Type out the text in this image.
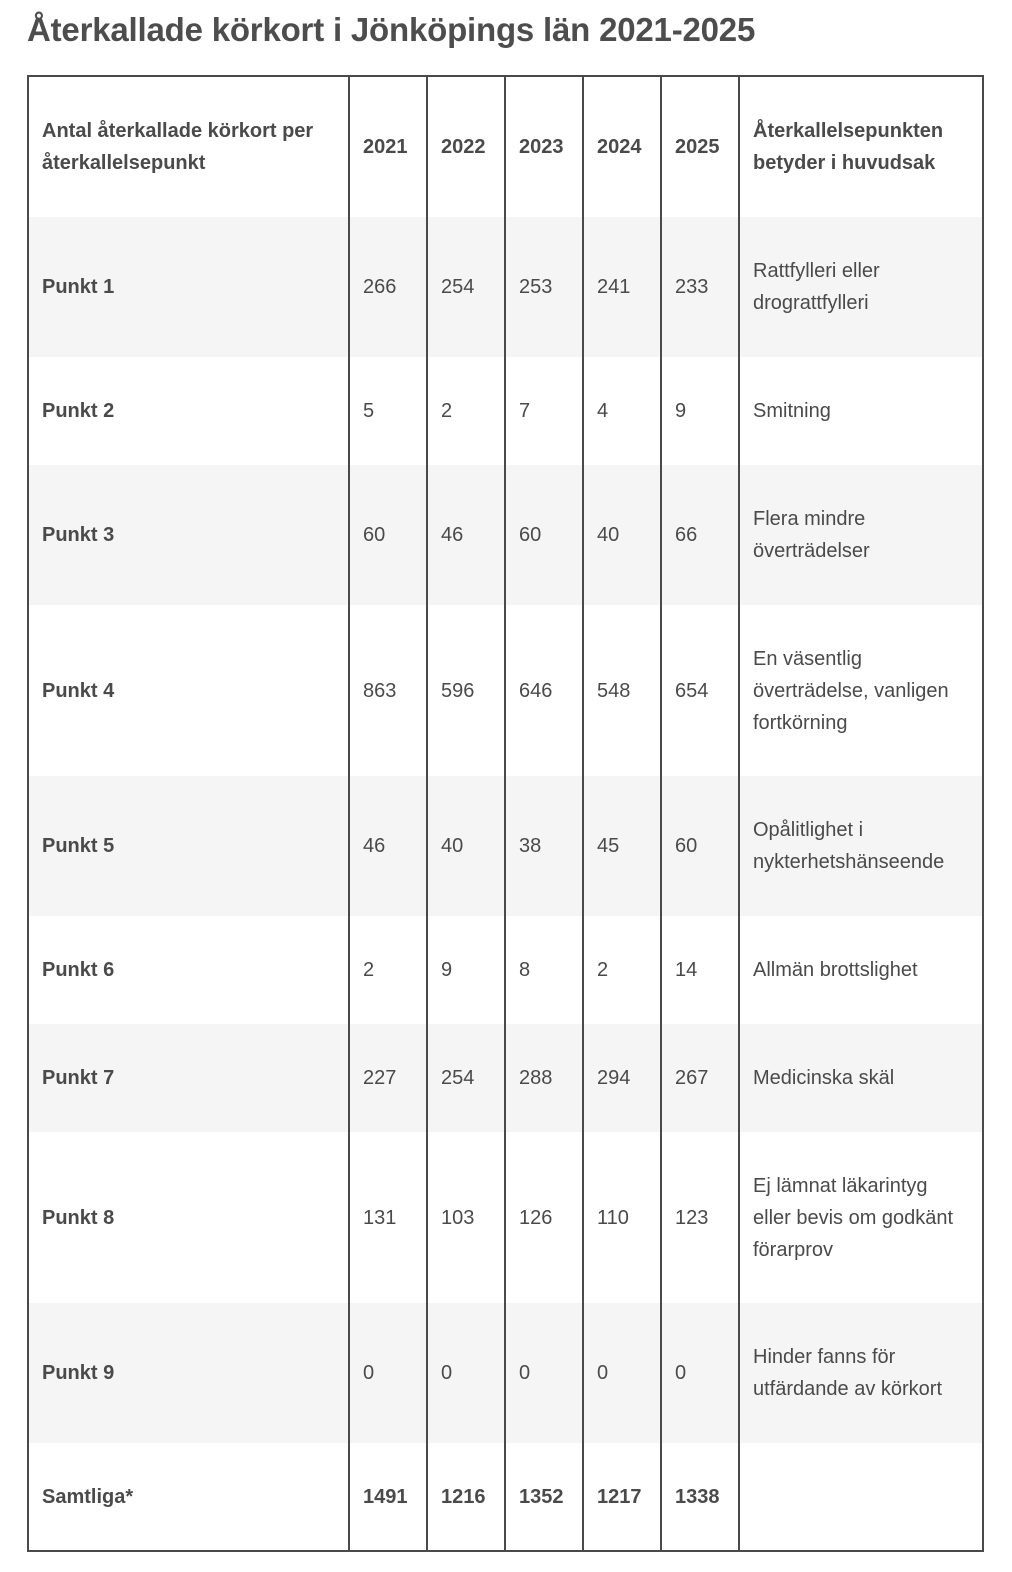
Återkallade körkort i Jönköpings län 2021-2025
Antal återkallade körkort per återkallelsepunkt	2021	2022	2023	2024	2025	Återkallelsepunkten betyder i huvudsak
Punkt 1	266	254	253	241	233	Rattfylleri eller drograttfylleri
Punkt 2	5	2	7	4	9	Smitning
Punkt 3	60	46	60	40	66	Flera mindre överträdelser
Punkt 4	863	596	646	548	654	En väsentlig överträdelse, vanligen fortkörning
Punkt 5	46	40	38	45	60	Opålitlighet i nykterhetshänseende
Punkt 6	2	9	8	2	14	Allmän brottslighet
Punkt 7	227	254	288	294	267	Medicinska skäl
Punkt 8	131	103	126	110	123	Ej lämnat läkarintyg eller bevis om godkänt förarprov
Punkt 9	0	0	0	0	0	Hinder fanns för utfärdande av körkort
Samtliga*	1491	1216	1352	1217	1338	
